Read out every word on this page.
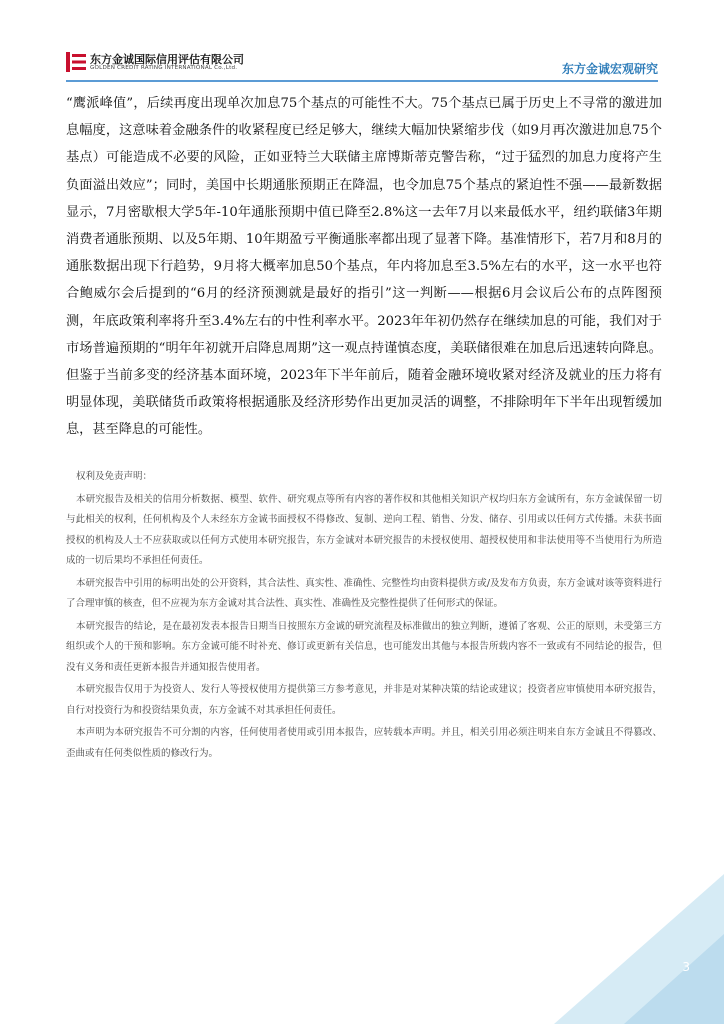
东方金诚国际信用评估有限公司
GOLDEN CREDIT RATING INTERNATIONAL Co.,Ltd.	东方金诚宏观研究

“鹰派峰值”，后续再度出现单次加息75个基点的可能性不大。75个基点已属于历史上不寻常的激进加息幅度，这意味着金融条件的收紧程度已经足够大，继续大幅加快紧缩步伐（如9月再次激进加息75个基点）可能造成不必要的风险，正如亚特兰大联储主席博斯蒂克警告称，“过于猛烈的加息力度将产生负面溢出效应”；同时，美国中长期通胀预期正在降温，也令加息75个基点的紧迫性不强——最新数据显示，7月密歇根大学5年-10年通胀预期中值已降至2.8%这一去年7月以来最低水平，纽约联储3年期消费者通胀预期、以及5年期、10年期盈亏平衡通胀率都出现了显著下降。基准情形下，若7月和8月的通胀数据出现下行趋势，9月将大概率加息50个基点，年内将加息至3.5%左右的水平，这一水平也符合鲍威尔会后提到的“6月的经济预测就是最好的指引”这一判断——根据6月会议后公布的点阵图预测，年底政策利率将升至3.4%左右的中性利率水平。2023年年初仍然存在继续加息的可能，我们对于市场普遍预期的“明年年初就开启降息周期”这一观点持谨慎态度，美联储很难在加息后迅速转向降息。但鉴于当前多变的经济基本面环境，2023年下半年前后，随着金融环境收紧对经济及就业的压力将有明显体现，美联储货币政策将根据通胀及经济形势作出更加灵活的调整，不排除明年下半年出现暂缓加息，甚至降息的可能性。

权利及免责声明：

本研究报告及相关的信用分析数据、模型、软件、研究观点等所有内容的著作权和其他相关知识产权均归东方金诚所有，东方金诚保留一切与此相关的权利，任何机构及个人未经东方金诚书面授权不得修改、复制、逆向工程、销售、分发、储存、引用或以任何方式传播。未获书面授权的机构及人士不应获取或以任何方式使用本研究报告，东方金诚对本研究报告的未授权使用、超授权使用和非法使用等不当使用行为所造成的一切后果均不承担任何责任。

本研究报告中引用的标明出处的公开资料，其合法性、真实性、准确性、完整性均由资料提供方或/及发布方负责，东方金诚对该等资料进行了合理审慎的核查，但不应视为东方金诚对其合法性、真实性、准确性及完整性提供了任何形式的保证。

本研究报告的结论，是在最初发表本报告日期当日按照东方金诚的研究流程及标准做出的独立判断，遵循了客观、公正的原则，未受第三方组织或个人的干预和影响。东方金诚可能不时补充、修订或更新有关信息，也可能发出其他与本报告所载内容不一致或有不同结论的报告，但没有义务和责任更新本报告并通知报告使用者。

本研究报告仅用于为投资人、发行人等授权使用方提供第三方参考意见，并非是对某种决策的结论或建议；投资者应审慎使用本研究报告，自行对投资行为和投资结果负责，东方金诚不对其承担任何责任。

本声明为本研究报告不可分割的内容，任何使用者使用或引用本报告，应转载本声明。并且，相关引用必须注明来自东方金诚且不得篡改、歪曲或有任何类似性质的修改行为。

3
